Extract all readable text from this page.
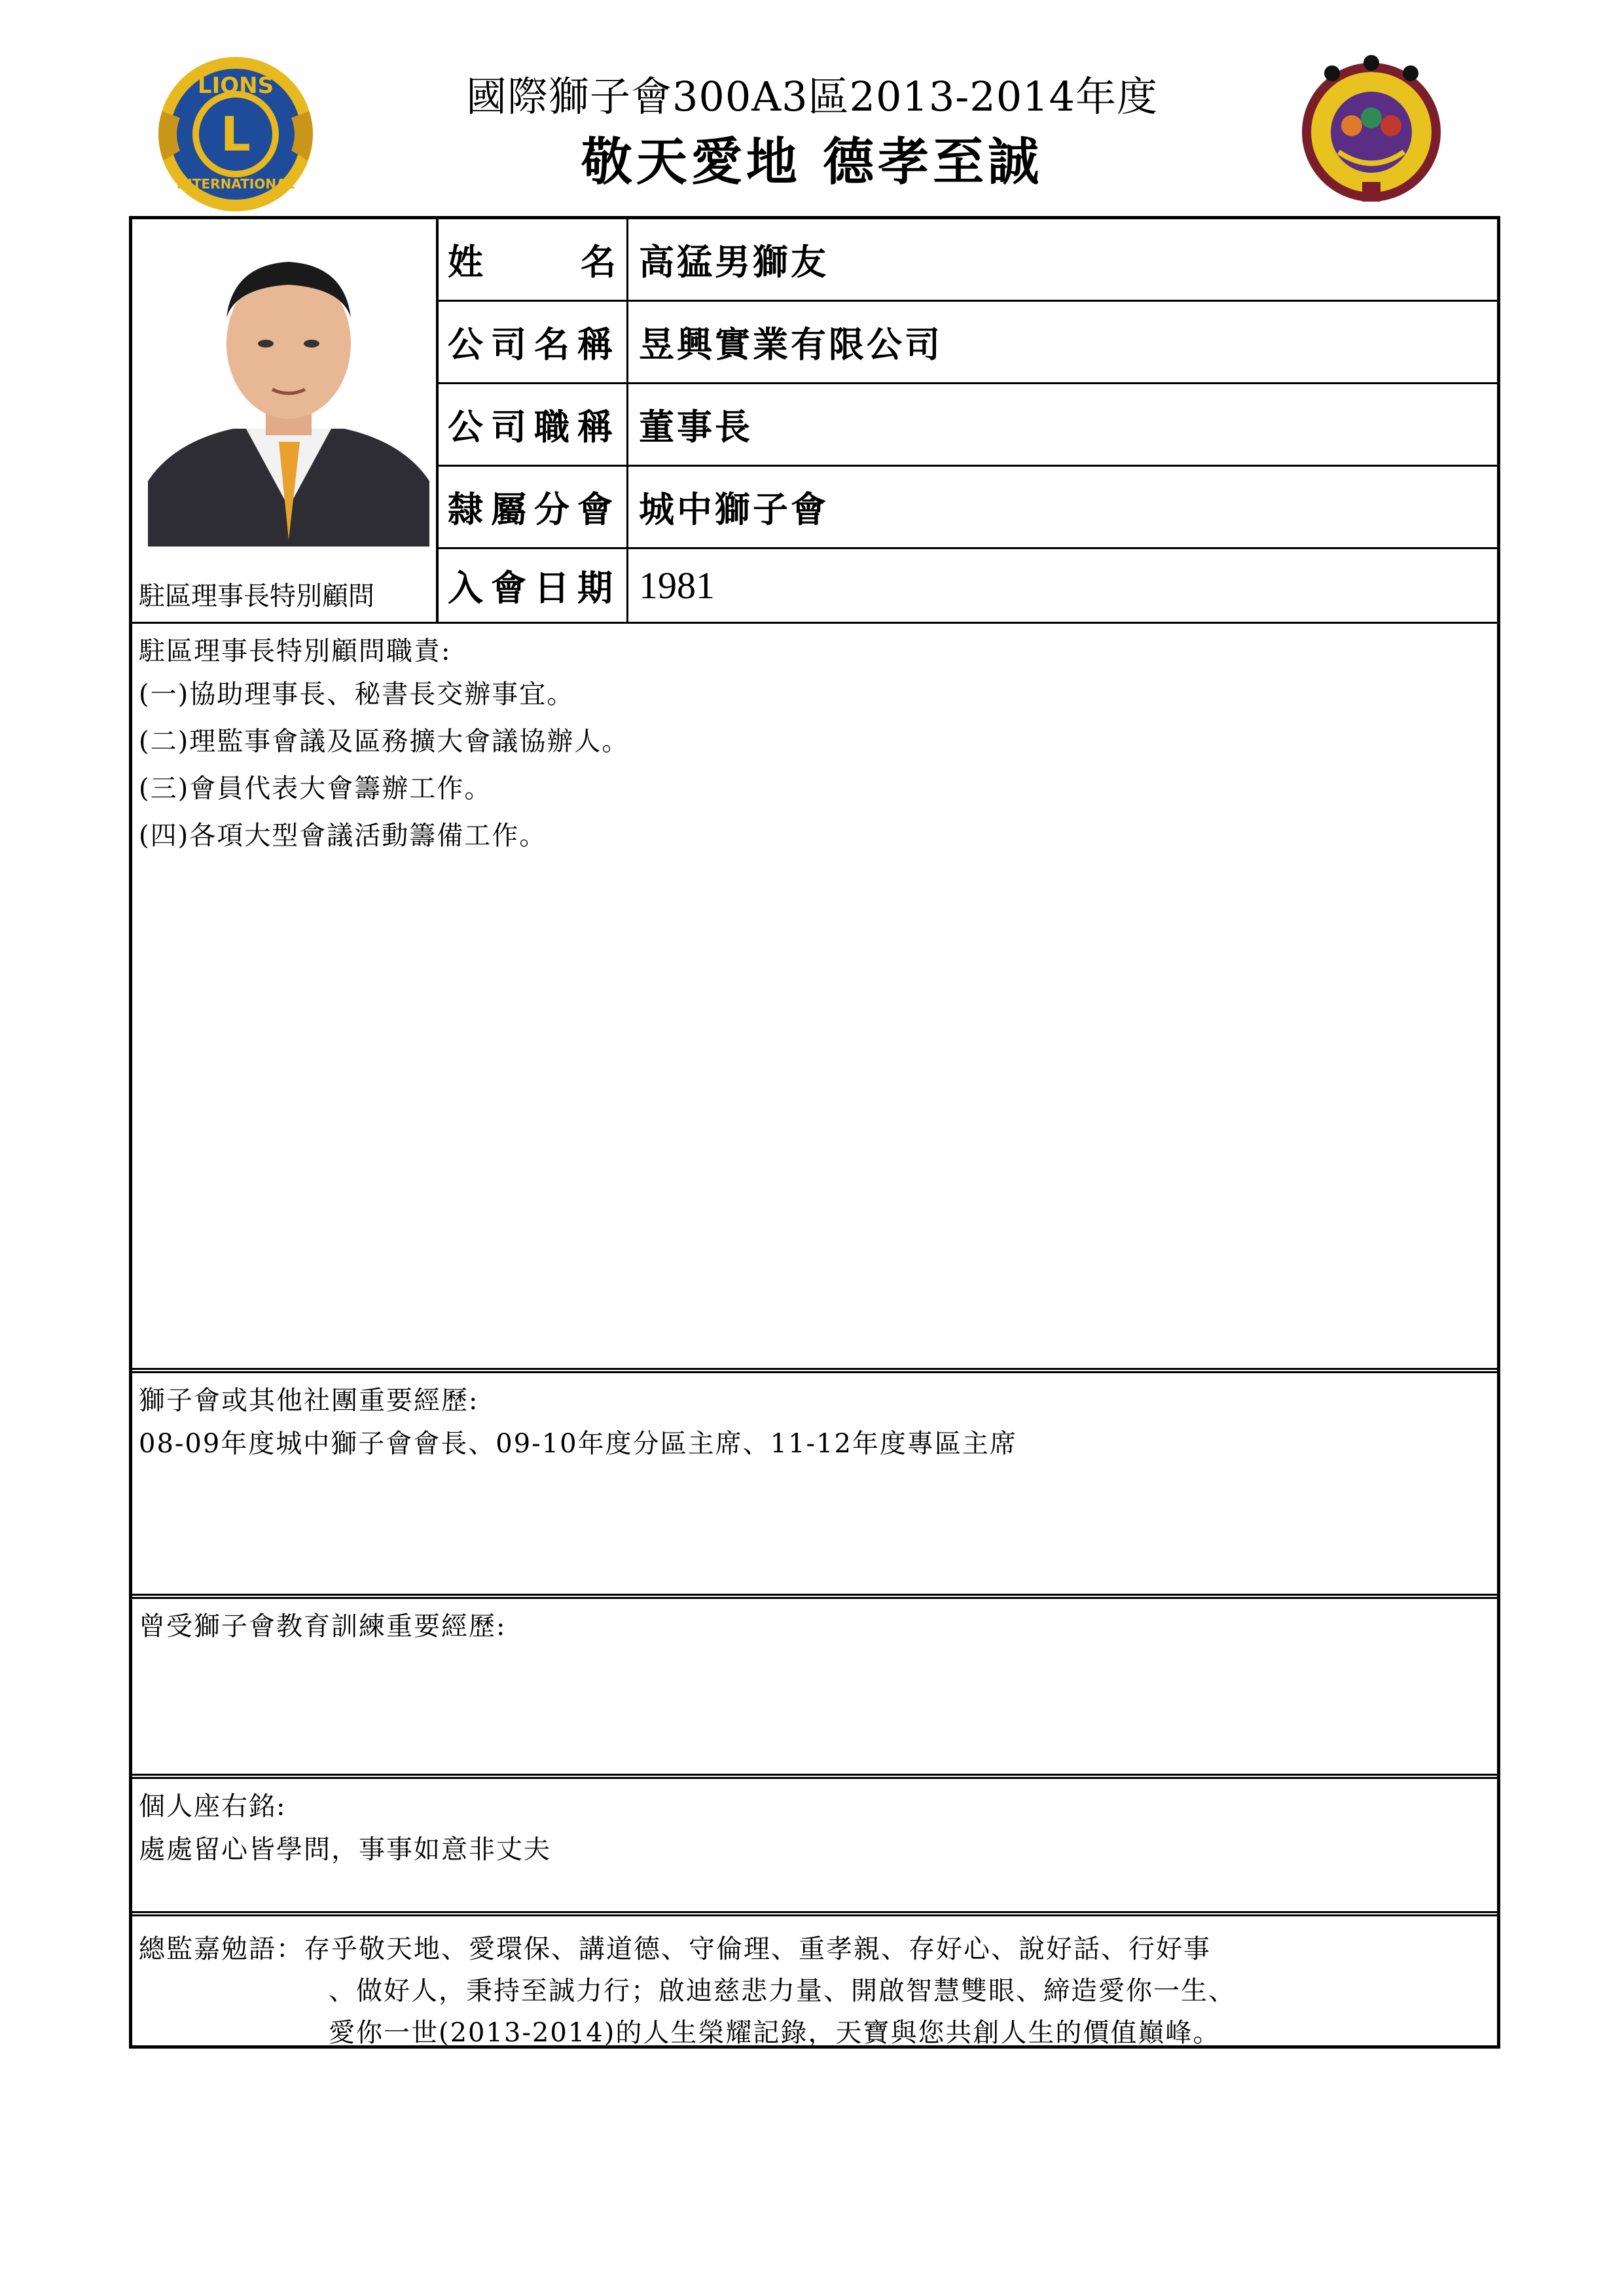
LIONS
L
INTERNATIONAL
國際獅子會300A3區2013-2014年度
敬天愛地 德孝至誠
駐區理事長特別顧問
姓	名 高猛男獅友
公司名稱 昱興實業有限公司
公司職稱 董事長
隸屬分會 城中獅子會
入會日期 1981
駐區理事長特別顧問職責:
(一)協助理事長、秘書長交辦事宜。
(二)理監事會議及區務擴大會議協辦人。
(三)會員代表大會籌辦工作。
(四)各項大型會議活動籌備工作。
獅子會或其他社團重要經歷:
08-09年度城中獅子會會長、09-10年度分區主席、11-12年度專區主席
曾受獅子會教育訓練重要經歷:
個人座右銘:
處處留心皆學問，事事如意非丈夫
總監嘉勉語：存乎敬天地、愛環保、講道德、守倫理、重孝親、存好心、說好話、行好事
、做好人，秉持至誠力行；啟迪慈悲力量、開啟智慧雙眼、締造愛你一生、
愛你一世(2013-2014)的人生榮耀記錄，天寶與您共創人生的價值巔峰。
